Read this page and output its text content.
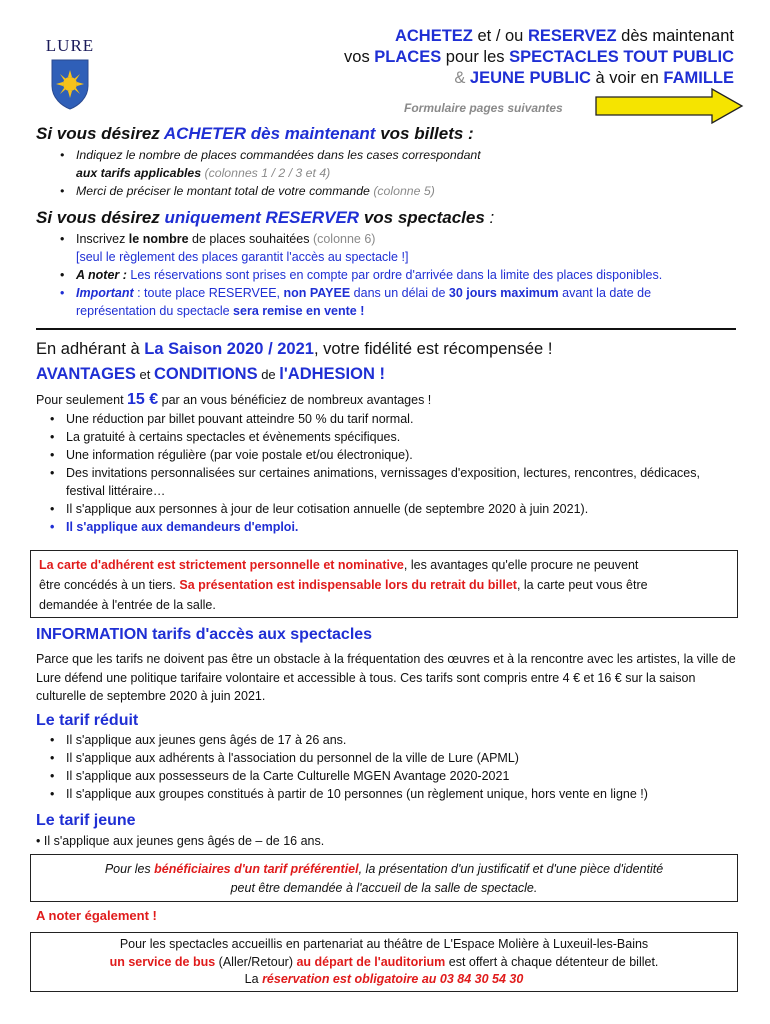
LURE	ACHETEZ et / ou RESERVEZ dès maintenant
vos PLACES pour les SPECTACLES TOUT PUBLIC
& JEUNE PUBLIC à voir en FAMILLE
Formulaire pages suivantes
Si vous désirez ACHETER dès maintenant vos billets :
• Indiquez le nombre de places commandées dans les cases correspondant
aux tarifs applicables (colonnes 1 / 2 / 3 et 4)
• Merci de préciser le montant total de votre commande (colonne 5)
Si vous désirez uniquement RESERVER vos spectacles :
• Inscrivez le nombre de places souhaitées (colonne 6)
[seul le règlement des places garantit l'accès au spectacle !]
• A noter : Les réservations sont prises en compte par ordre d'arrivée dans la limite des places disponibles.
• Important : toute place RESERVEE, non PAYEE dans un délai de 30 jours maximum avant la date de
représentation du spectacle sera remise en vente !
En adhérant à La Saison 2020 / 2021, votre fidélité est récompensée !
AVANTAGES et CONDITIONS de l'ADHESION !
Pour seulement 15 € par an vous bénéficiez de nombreux avantages !
• Une réduction par billet pouvant atteindre 50 % du tarif normal.
• La gratuité à certains spectacles et évènements spécifiques.
• Une information régulière (par voie postale et/ou électronique).
• Des invitations personnalisées sur certaines animations, vernissages d'exposition, lectures, rencontres, dédicaces, festival littéraire…
• Il s'applique aux personnes à jour de leur cotisation annuelle (de septembre 2020 à juin 2021).
• Il s'applique aux demandeurs d'emploi.
La carte d'adhérent est strictement personnelle et nominative, les avantages qu'elle procure ne peuvent
être concédés à un tiers. Sa présentation est indispensable lors du retrait du billet, la carte peut vous être
demandée à l'entrée de la salle.
INFORMATION tarifs d'accès aux spectacles
Parce que les tarifs ne doivent pas être un obstacle à la fréquentation des œuvres et à la rencontre avec les artistes, la ville de Lure défend une politique tarifaire volontaire et accessible à tous. Ces tarifs sont compris entre 4 € et 16 € sur la saison culturelle de septembre 2020 à juin 2021.
Le tarif réduit
• Il s'applique aux jeunes gens âgés de 17 à 26 ans.
• Il s'applique aux adhérents à l'association du personnel de la ville de Lure (APML)
• Il s'applique aux possesseurs de la Carte Culturelle MGEN Avantage 2020-2021
• Il s'applique aux groupes constitués à partir de 10 personnes (un règlement unique, hors vente en ligne !)
Le tarif jeune
• Il s'applique aux jeunes gens âgés de – de 16 ans.
Pour les bénéficiaires d'un tarif préférentiel, la présentation d'un justificatif et d'une pièce d'identité
peut être demandée à l'accueil de la salle de spectacle.
A noter également !
Pour les spectacles accueillis en partenariat au théâtre de L'Espace Molière à Luxeuil-les-Bains
un service de bus (Aller/Retour) au départ de l'auditorium est offert à chaque détenteur de billet.
La réservation est obligatoire au 03 84 30 54 30
